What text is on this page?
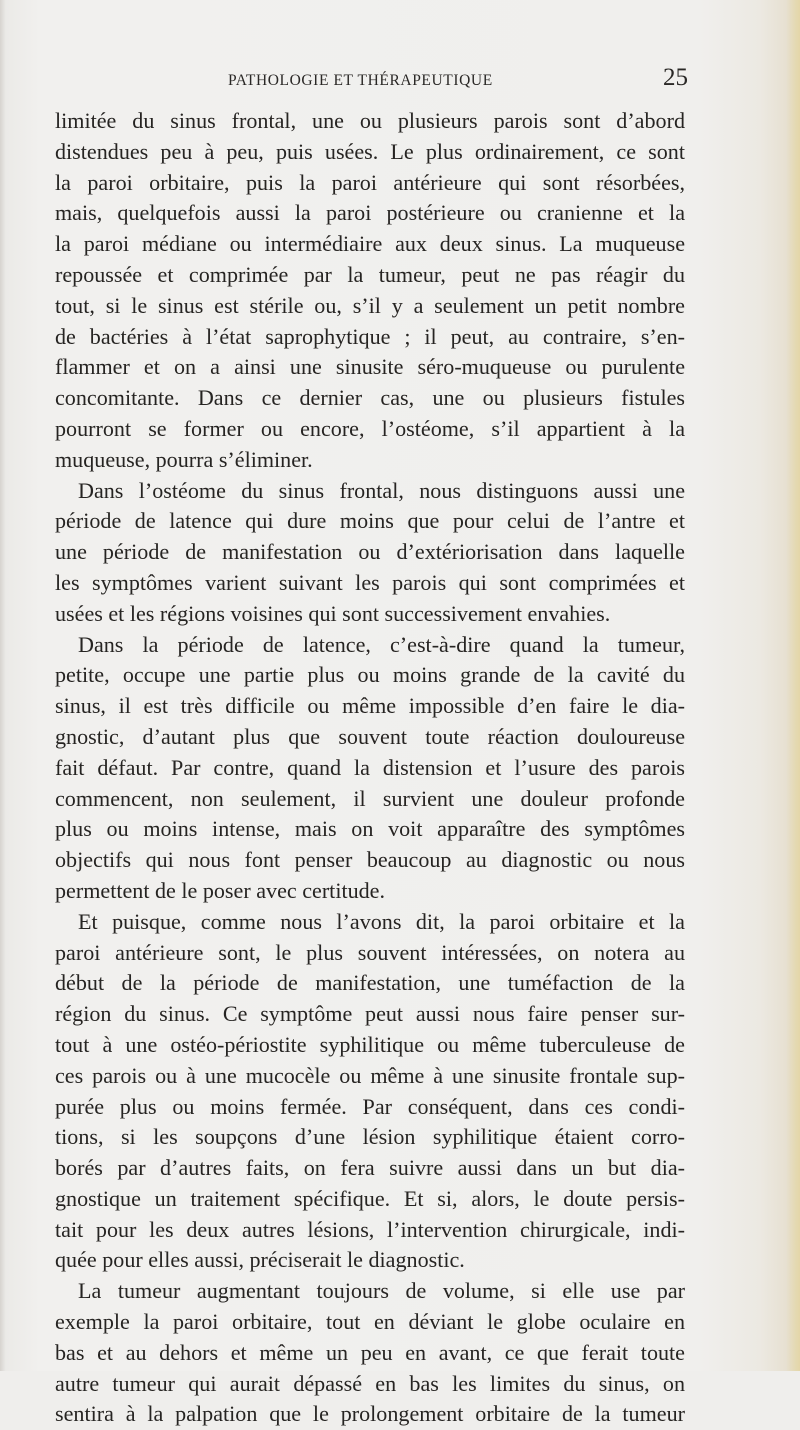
PATHOLOGIE ET THÉRAPEUTIQUE	25
limitée du sinus frontal, une ou plusieurs parois sont d’abord
distendues peu à peu, puis usées. Le plus ordinairement, ce sont
la paroi orbitaire, puis la paroi antérieure qui sont résorbées,
mais, quelquefois aussi la paroi postérieure ou cranienne et la
la paroi médiane ou intermédiaire aux deux sinus. La muqueuse
repoussée et comprimée par la tumeur, peut ne pas réagir du
tout, si le sinus est stérile ou, s’il y a seulement un petit nombre
de bactéries à l’état saprophytique ; il peut, au contraire, s’en-
flammer et on a ainsi une sinusite séro-muqueuse ou purulente
concomitante. Dans ce dernier cas, une ou plusieurs fistules
pourront se former ou encore, l’ostéome, s’il appartient à la
muqueuse, pourra s’éliminer.
Dans l’ostéome du sinus frontal, nous distinguons aussi une
période de latence qui dure moins que pour celui de l’antre et
une période de manifestation ou d’extériorisation dans laquelle
les symptômes varient suivant les parois qui sont comprimées et
usées et les régions voisines qui sont successivement envahies.
Dans la période de latence, c’est-à-dire quand la tumeur,
petite, occupe une partie plus ou moins grande de la cavité du
sinus, il est très difficile ou même impossible d’en faire le dia-
gnostic, d’autant plus que souvent toute réaction douloureuse
fait défaut. Par contre, quand la distension et l’usure des parois
commencent, non seulement, il survient une douleur profonde
plus ou moins intense, mais on voit apparaître des symptômes
objectifs qui nous font penser beaucoup au diagnostic ou nous
permettent de le poser avec certitude.
Et puisque, comme nous l’avons dit, la paroi orbitaire et la
paroi antérieure sont, le plus souvent intéressées, on notera au
début de la période de manifestation, une tuméfaction de la
région du sinus. Ce symptôme peut aussi nous faire penser sur-
tout à une ostéo-périostite syphilitique ou même tuberculeuse de
ces parois ou à une mucocèle ou même à une sinusite frontale sup-
purée plus ou moins fermée. Par conséquent, dans ces condi-
tions, si les soupçons d’une lésion syphilitique étaient corro-
borés par d’autres faits, on fera suivre aussi dans un but dia-
gnostique un traitement spécifique. Et si, alors, le doute persis-
tait pour les deux autres lésions, l’intervention chirurgicale, indi-
quée pour elles aussi, préciserait le diagnostic.
La tumeur augmentant toujours de volume, si elle use par
exemple la paroi orbitaire, tout en déviant le globe oculaire en
bas et au dehors et même un peu en avant, ce que ferait toute
autre tumeur qui aurait dépassé en bas les limites du sinus, on
sentira à la palpation que le prolongement orbitaire de la tumeur
